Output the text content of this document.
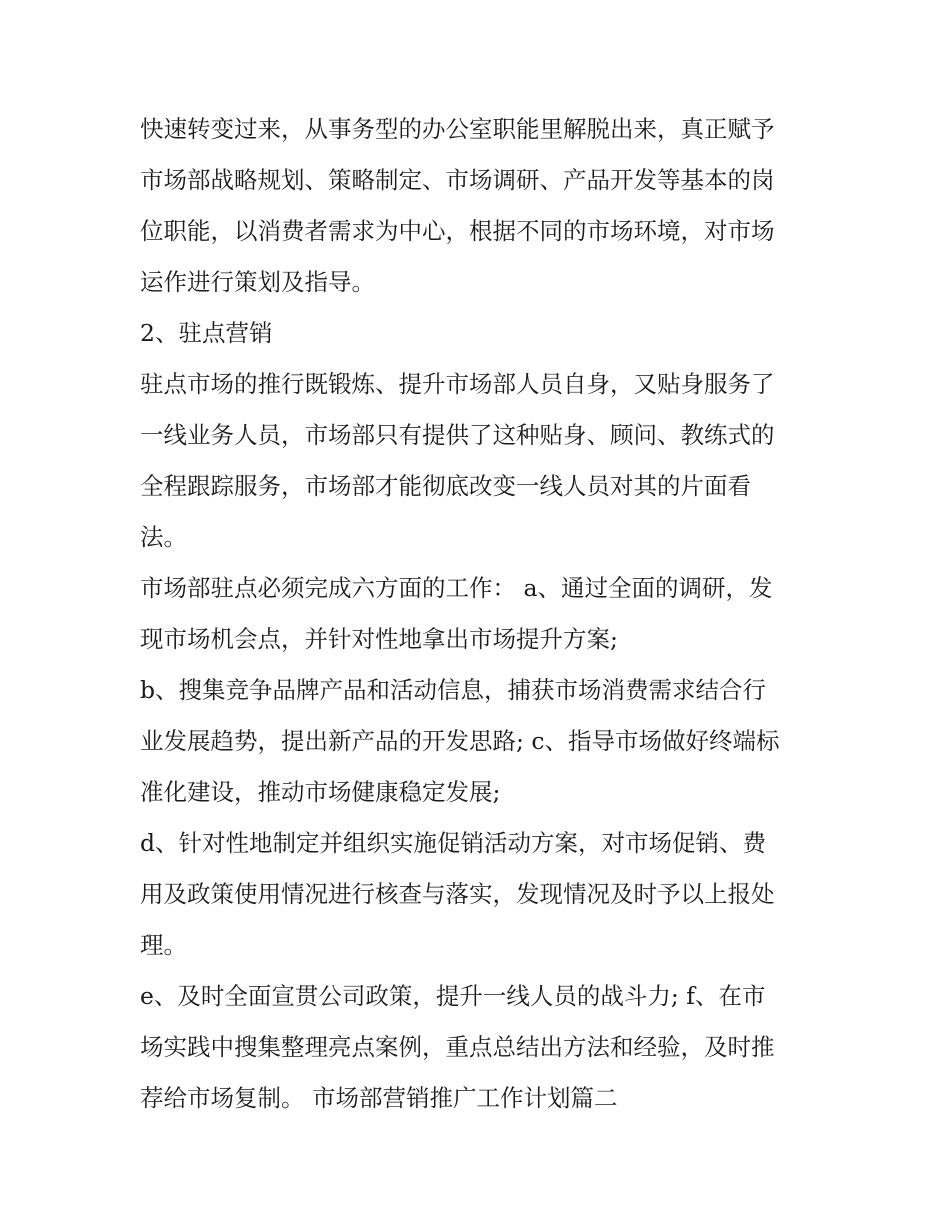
快速转变过来，从事务型的办公室职能里解脱出来，真正赋予
市场部战略规划、策略制定、市场调研、产品开发等基本的岗
位职能，以消费者需求为中心，根据不同的市场环境，对市场
运作进行策划及指导。
2、驻点营销
驻点市场的推行既锻炼、提升市场部人员自身，又贴身服务了
一线业务人员，市场部只有提供了这种贴身、顾问、教练式的
全程跟踪服务，市场部才能彻底改变一线人员对其的片面看
法。
市场部驻点必须完成六方面的工作： a、通过全面的调研，发
现市场机会点，并针对性地拿出市场提升方案;
b、搜集竞争品牌产品和活动信息，捕获市场消费需求结合行
业发展趋势，提出新产品的开发思路; c、指导市场做好终端标
准化建设，推动市场健康稳定发展;
d、针对性地制定并组织实施促销活动方案，对市场促销、费
用及政策使用情况进行核查与落实，发现情况及时予以上报处
理。
e、及时全面宣贯公司政策，提升一线人员的战斗力; f、在市
场实践中搜集整理亮点案例，重点总结出方法和经验，及时推
荐给市场复制。 市场部营销推广工作计划篇二
